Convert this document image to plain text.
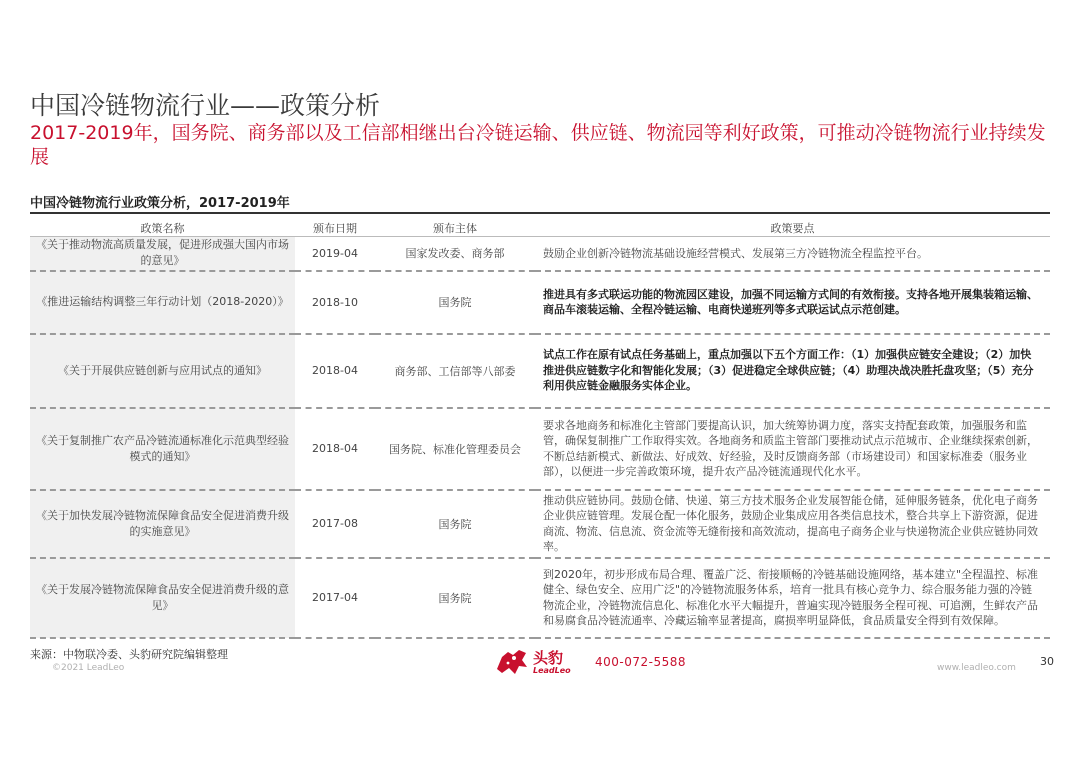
中国冷链物流行业——政策分析
2017-2019年，国务院、商务部以及工信部相继出台冷链运输、供应链、物流园等利好政策，可推动冷链物流行业持续发展
中国冷链物流行业政策分析，2017-2019年
政策名称	颁布日期	颁布主体	政策要点
《关于推动物流高质量发展，促进形成强大国内市场的意见》	2019-04	国家发改委、商务部	鼓励企业创新冷链物流基础设施经营模式、发展第三方冷链物流全程监控平台。
《推进运输结构调整三年行动计划（2018-2020）》	2018-10	国务院	推进具有多式联运功能的物流园区建设，加强不同运输方式间的有效衔接。支持各地开展集装箱运输、商品车滚装运输、全程冷链运输、电商快递班列等多式联运试点示范创建。
《关于开展供应链创新与应用试点的通知》	2018-04	商务部、工信部等八部委	试点工作在原有试点任务基础上，重点加强以下五个方面工作：（1）加强供应链安全建设；（2）加快推进供应链数字化和智能化发展；（3）促进稳定全球供应链；（4）助理决战决胜托盘攻坚；（5）充分利用供应链金融服务实体企业。
《关于复制推广农产品冷链流通标准化示范典型经验模式的通知》	2018-04	国务院、标准化管理委员会	要求各地商务和标准化主管部门要提高认识，加大统筹协调力度，落实支持配套政策，加强服务和监管，确保复制推广工作取得实效。各地商务和质监主管部门要推动试点示范城市、企业继续探索创新，不断总结新模式、新做法、好成效、好经验，及时反馈商务部（市场建设司）和国家标准委（服务业部），以便进一步完善政策环境，提升农产品冷链流通现代化水平。
《关于加快发展冷链物流保障食品安全促进消费升级的实施意见》	2017-08	国务院	推动供应链协同。鼓励仓储、快递、第三方技术服务企业发展智能仓储，延伸服务链条，优化电子商务企业供应链管理。发展仓配一体化服务，鼓励企业集成应用各类信息技术，整合共享上下游资源，促进商流、物流、信息流、资金流等无缝衔接和高效流动，提高电子商务企业与快递物流企业供应链协同效率。
《关于发展冷链物流保障食品安全促进消费升级的意见》	2017-04	国务院	到2020年，初步形成布局合理、覆盖广泛、衔接顺畅的冷链基础设施网络，基本建立"全程温控、标准健全、绿色安全、应用广泛"的冷链物流服务体系，培育一批具有核心竞争力、综合服务能力强的冷链物流企业，冷链物流信息化、标准化水平大幅提升，普遍实现冷链服务全程可视、可追溯，生鲜农产品和易腐食品冷链流通率、冷藏运输率显著提高，腐损率明显降低，食品质量安全得到有效保障。
来源：中物联冷委、头豹研究院编辑整理
©2021 LeadLeo
头豹
LeadLeo
400-072-5588	www.leadleo.com 30
